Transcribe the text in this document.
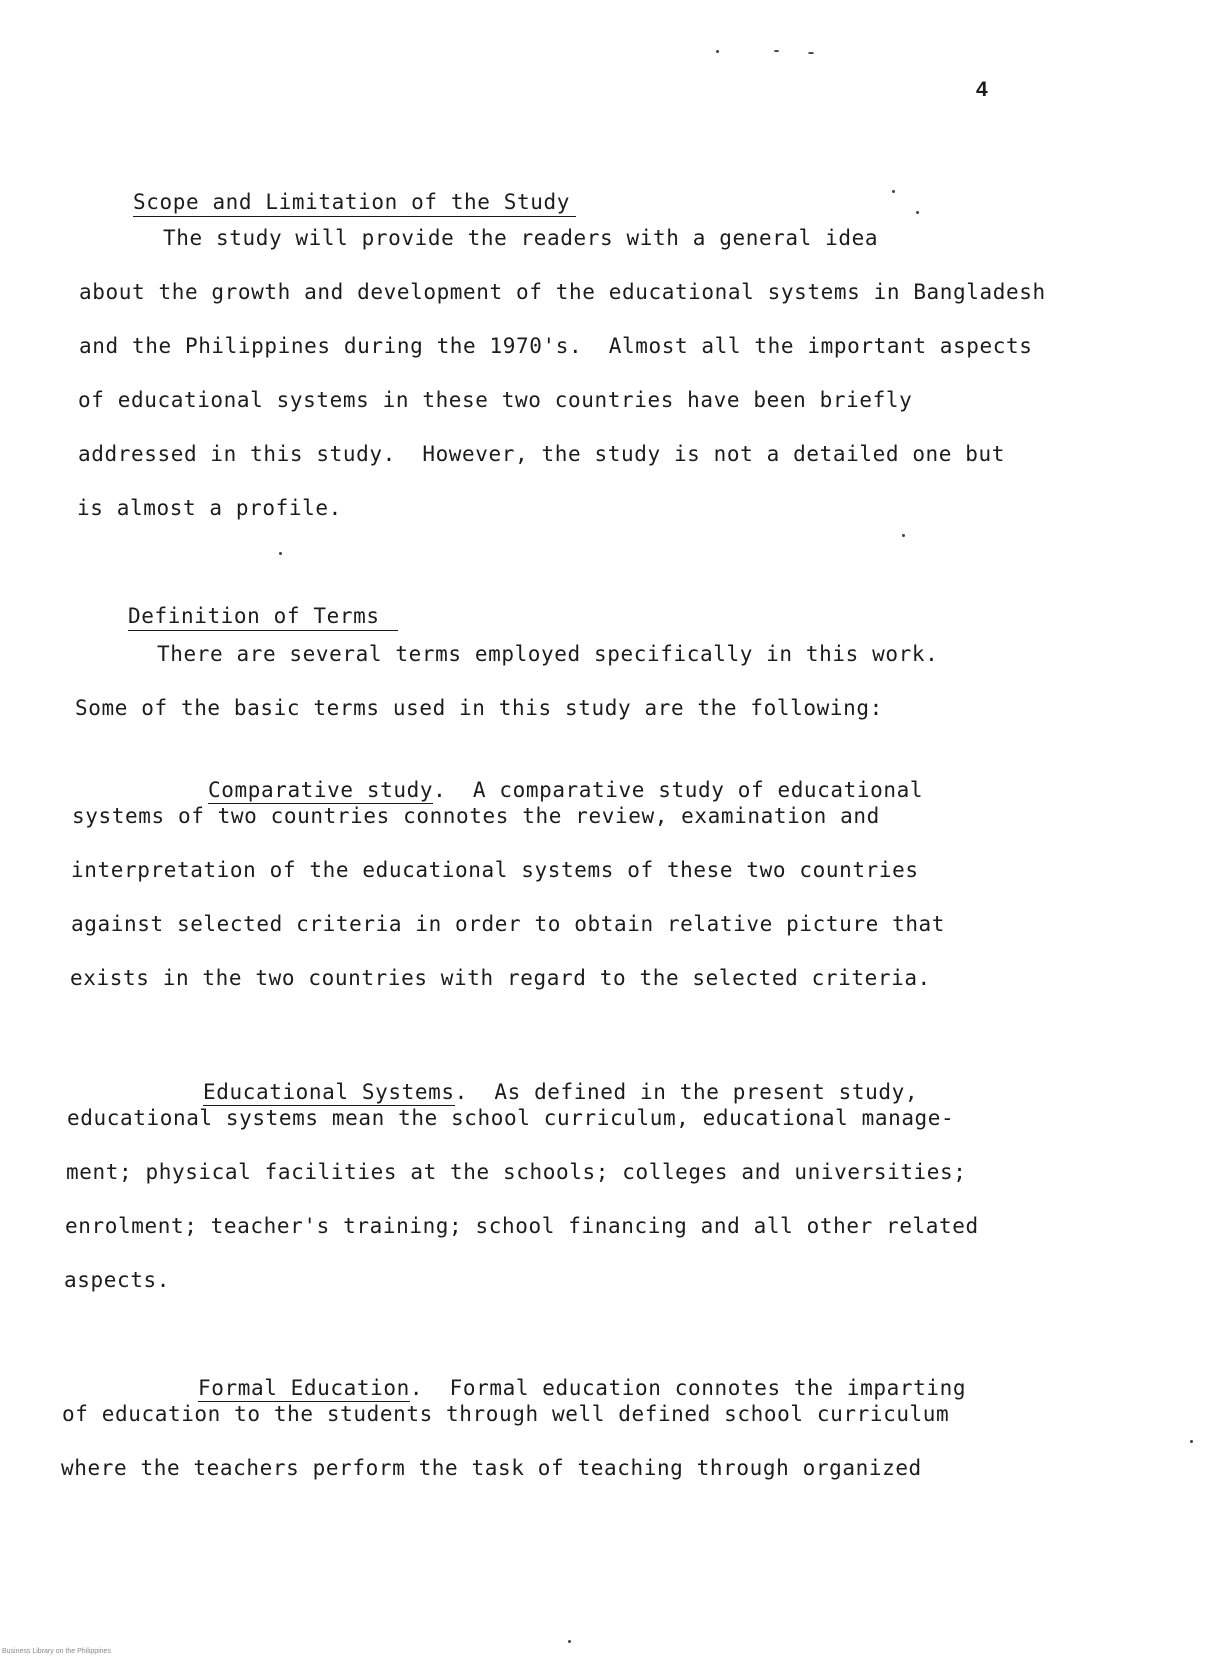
4

Scope and Limitation of the Study

The study will provide the readers with a general idea
about the growth and development of the educational systems in Bangladesh
and the Philippines during the 1970's.  Almost all the important aspects
of educational systems in these two countries have been briefly
addressed in this study.  However, the study is not a detailed one but
is almost a profile.

Definition of Terms

There are several terms employed specifically in this work.
Some of the basic terms used in this study are the following:

Comparative study.  A comparative study of educational

systems of two countries connotes the review, examination and
interpretation of the educational systems of these two countries
against selected criteria in order to obtain relative picture that
exists in the two countries with regard to the selected criteria.

Educational Systems.  As defined in the present study,

educational systems mean the school curriculum, educational manage-
ment; physical facilities at the schools; colleges and universities;
enrolment; teacher's training; school financing and all other related
aspects.

Formal Education.  Formal education connotes the imparting

of education to the students through well defined school curriculum
where the teachers perform the task of teaching through organized
Business Library on the Philippines
